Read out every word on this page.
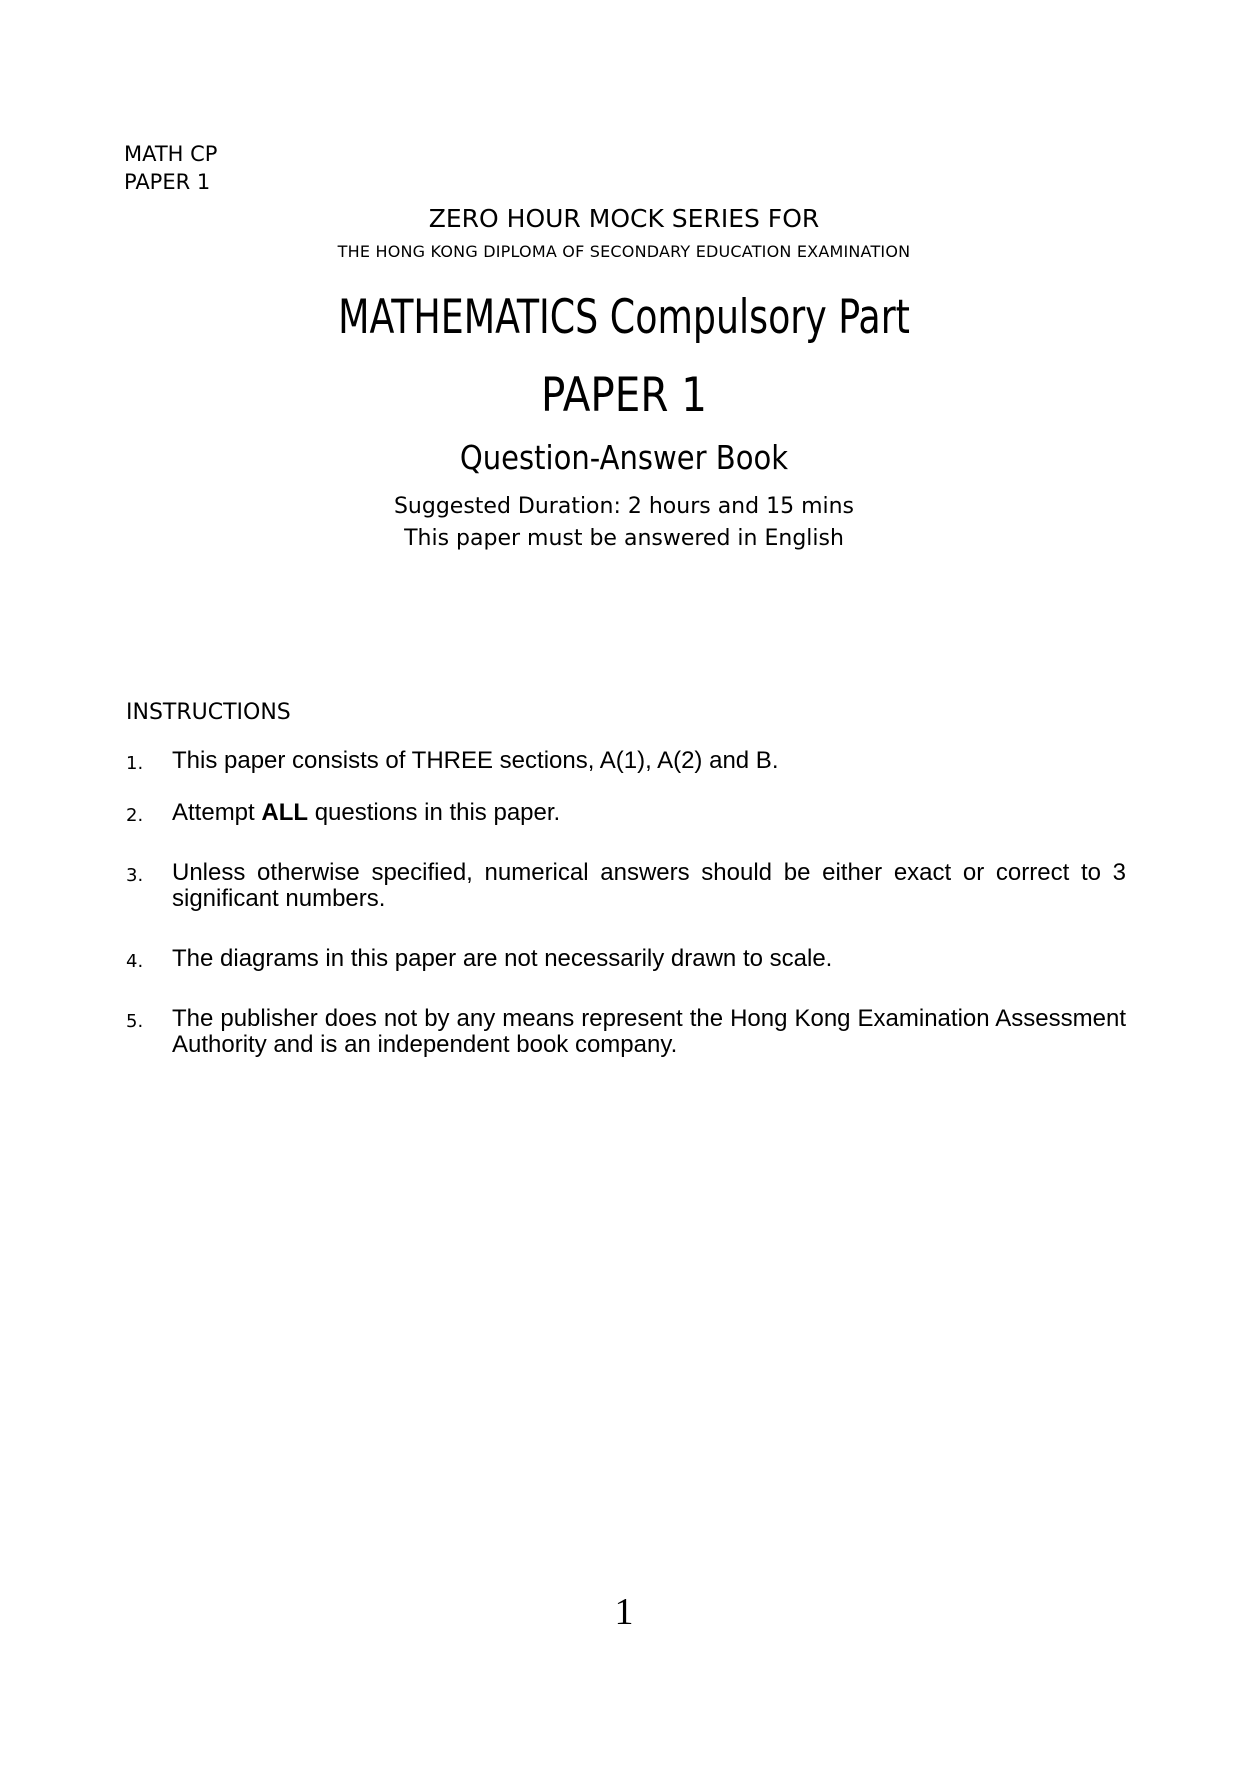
MATH CP
PAPER 1
ZERO HOUR MOCK SERIES FOR
THE HONG KONG DIPLOMA OF SECONDARY EDUCATION EXAMINATION
MATHEMATICS Compulsory Part
PAPER 1
Question-Answer Book
Suggested Duration: 2 hours and 15 mins
This paper must be answered in English
INSTRUCTIONS
1. This paper consists of THREE sections, A(1), A(2) and B.
2. Attempt ALL questions in this paper.
3. Unless otherwise specified, numerical answers should be either exact or correct to 3 significant numbers.
4. The diagrams in this paper are not necessarily drawn to scale.
5. The publisher does not by any means represent the Hong Kong Examination Assessment Authority and is an independent book company.
1
